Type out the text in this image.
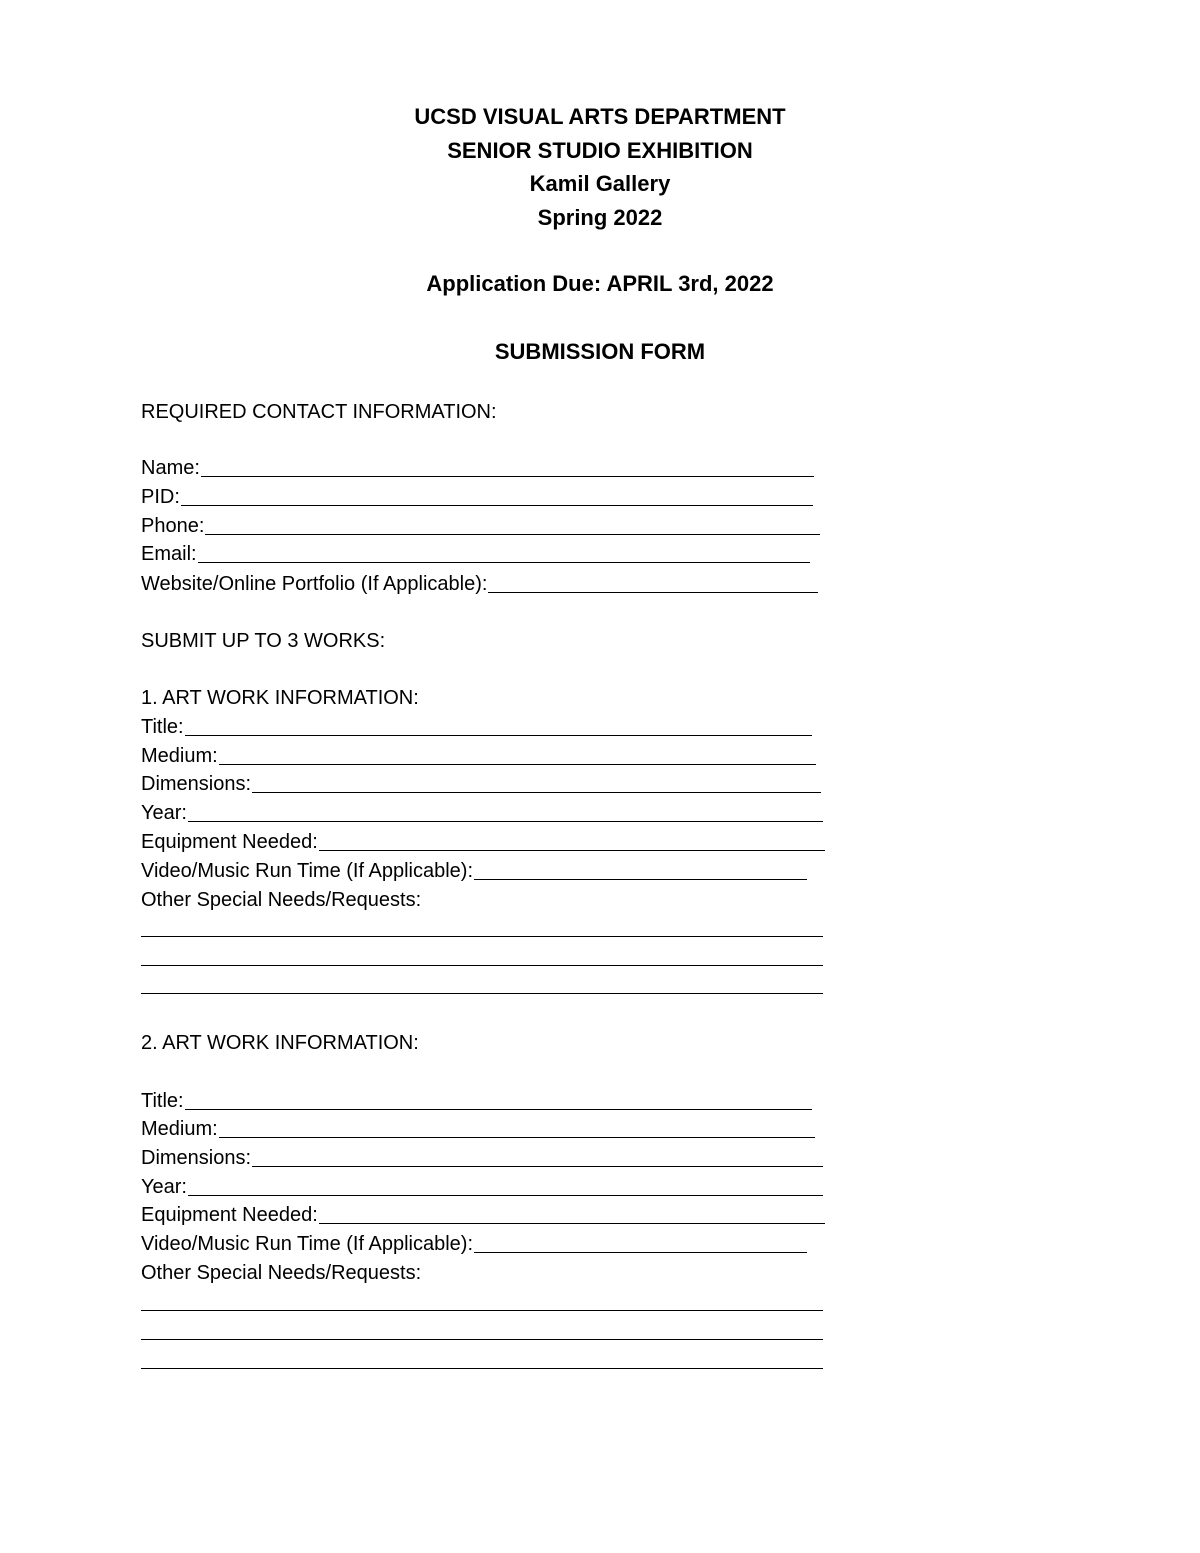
UCSD VISUAL ARTS DEPARTMENT
SENIOR STUDIO EXHIBITION
Kamil Gallery
Spring 2022
Application Due: APRIL 3rd, 2022
SUBMISSION FORM
REQUIRED CONTACT INFORMATION:
Name:
PID:
Phone:
Email:
Website/Online Portfolio (If Applicable):
SUBMIT UP TO 3 WORKS:
1. ART WORK INFORMATION:
Title:
Medium:
Dimensions:
Year:
Equipment Needed:
Video/Music Run Time (If Applicable):
Other Special Needs/Requests:
2. ART WORK INFORMATION:
Title:
Medium:
Dimensions:
Year:
Equipment Needed:
Video/Music Run Time (If Applicable):
Other Special Needs/Requests:
